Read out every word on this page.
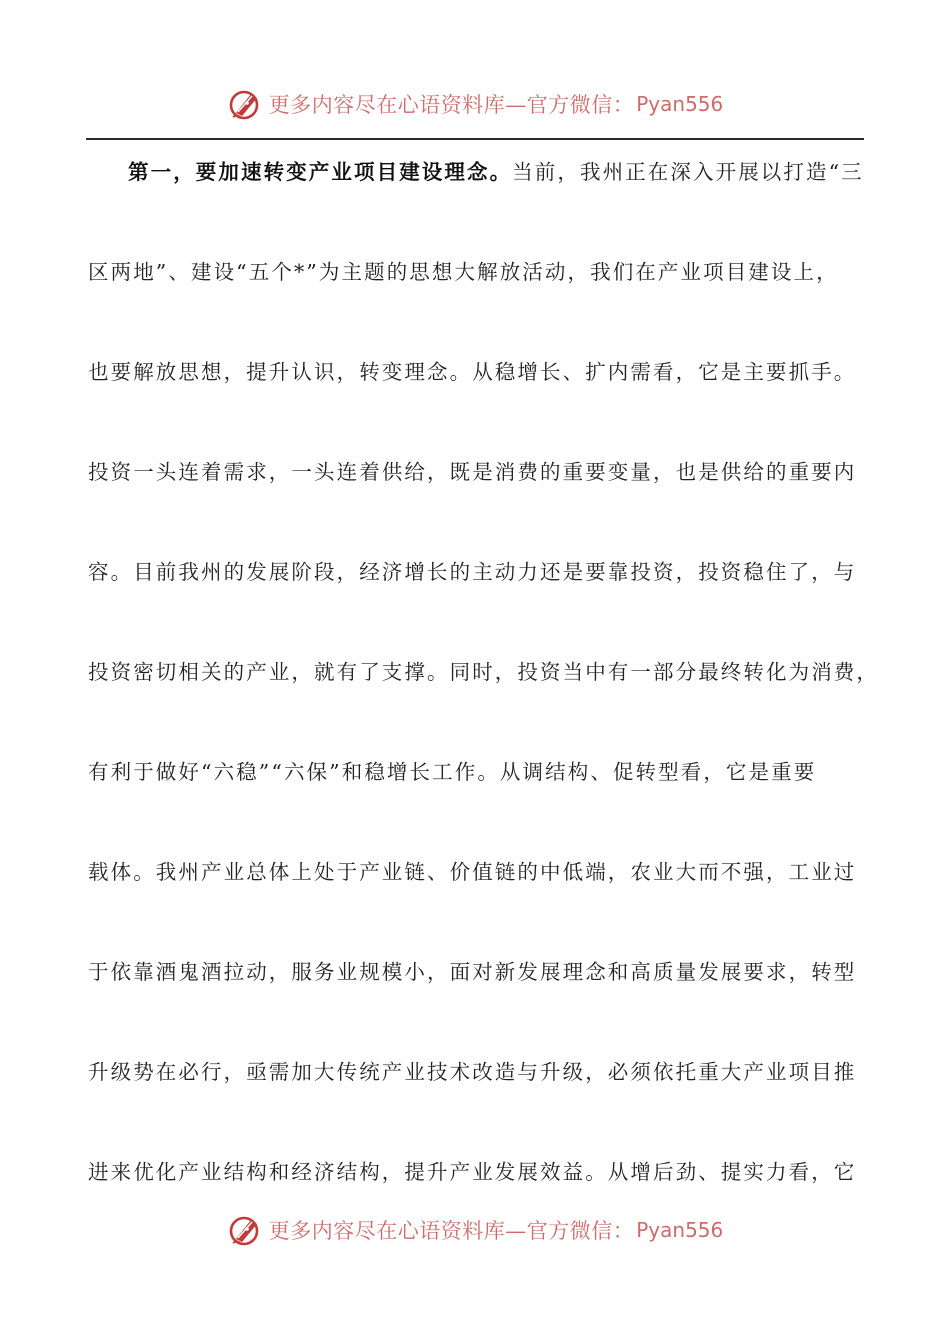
更多内容尽在心语资料库—官方微信： Pyan556
第一，要加速转变产业项目建设理念。当前，我州正在深入开展以打造“三
区两地”、建设“五个*”为主题的思想大解放活动，我们在产业项目建设上，
也要解放思想，提升认识，转变理念。从稳增长、扩内需看，它是主要抓手。
投资一头连着需求，一头连着供给，既是消费的重要变量，也是供给的重要内
容。目前我州的发展阶段，经济增长的主动力还是要靠投资，投资稳住了，与
投资密切相关的产业，就有了支撑。同时，投资当中有一部分最终转化为消费，
有利于做好“六稳”“六保”和稳增长工作。从调结构、促转型看，它是重要
载体。我州产业总体上处于产业链、价值链的中低端，农业大而不强，工业过
于依靠酒鬼酒拉动，服务业规模小，面对新发展理念和高质量发展要求，转型
升级势在必行，亟需加大传统产业技术改造与升级，必须依托重大产业项目推
进来优化产业结构和经济结构，提升产业发展效益。从增后劲、提实力看，它
更多内容尽在心语资料库—官方微信： Pyan556
